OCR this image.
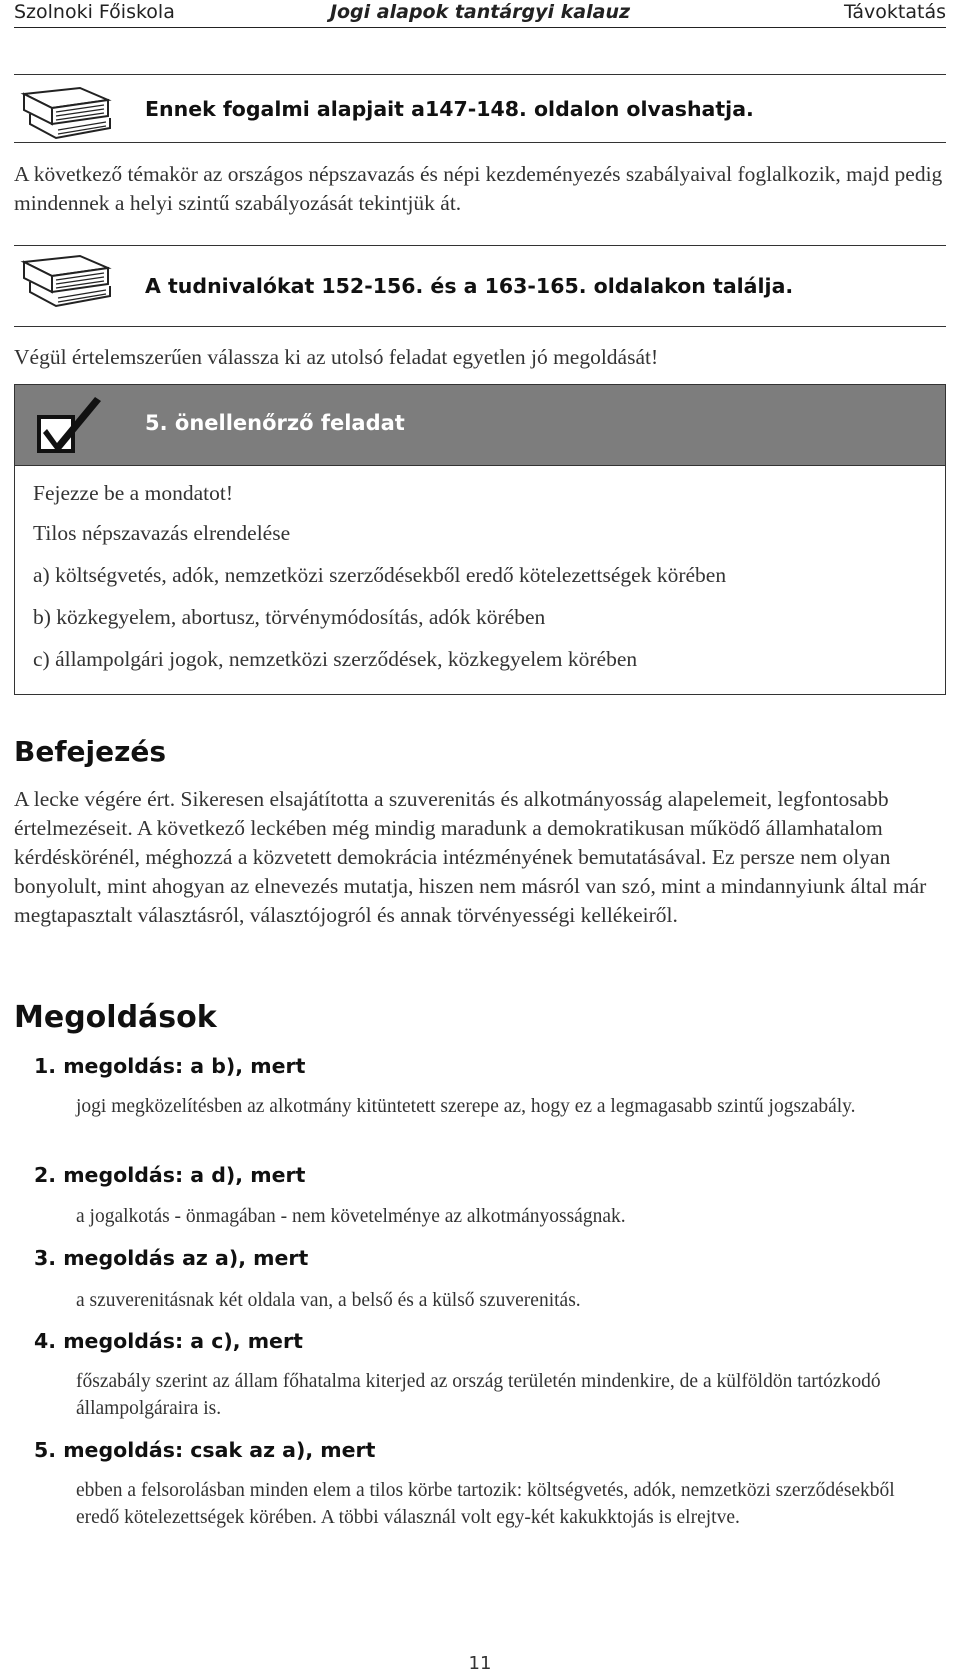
Szolnoki Főiskola	Jogi alapok tantárgyi kalauz	Távoktatás
Ennek fogalmi alapjait a147-148. oldalon olvashatja.
A következő témakör az országos népszavazás és népi kezdeményezés szabályaival foglalkozik, majd pedig mindennek a helyi szintű szabályozását tekintjük át.
A tudnivalókat 152-156. és a 163-165. oldalakon találja.
Végül értelemszerűen válassza ki az utolsó feladat egyetlen jó megoldását!
5. önellenőrző feladat
Fejezze be a mondatot!
Tilos népszavazás elrendelése
a) költségvetés, adók, nemzetközi szerződésekből eredő kötelezettségek körében
b) közkegyelem, abortusz, törvénymódosítás, adók körében
c) állampolgári jogok, nemzetközi szerződések, közkegyelem körében
Befejezés
A lecke végére ért. Sikeresen elsajátította a szuverenitás és alkotmányosság alapelemeit, legfontosabb értelmezéseit. A következő leckében még mindig maradunk a demokratikusan működő államhatalom kérdéskörénél, méghozzá a közvetett demokrácia intézményének bemutatásával. Ez persze nem olyan bonyolult, mint ahogyan az elnevezés mutatja, hiszen nem másról van szó, mint a mindannyiunk által már megtapasztalt választásról, választójogról és annak törvényességi kellékeiről.
Megoldások
1. megoldás: a b), mert
jogi megközelítésben az alkotmány kitüntetett szerepe az, hogy ez a legmagasabb szintű jogszabály.
2. megoldás: a d), mert
a jogalkotás - önmagában - nem követelménye az alkotmányosságnak.
3. megoldás az a), mert
a szuverenitásnak két oldala van, a belső és a külső szuverenitás.
4. megoldás: a c), mert
főszabály szerint az állam főhatalma kiterjed az ország területén mindenkire, de a külföldön tartózkodó állampolgáraira is.
5. megoldás: csak az a), mert
ebben a felsorolásban minden elem a tilos körbe tartozik: költségvetés, adók, nemzetközi szerződésekből eredő kötelezettségek körében. A többi válasznál volt egy-két kakukktojás is elrejtve.
11
